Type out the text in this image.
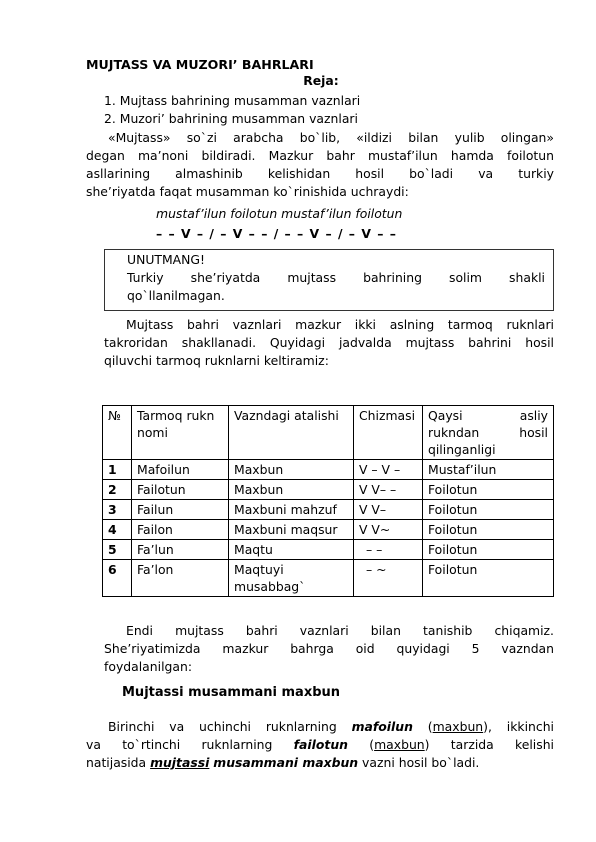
MUJTASS VA MUZORI’ BAHRLARI
Reja:
1. Mujtass bahrining musamman vaznlari
2. Muzori’ bahrining musamman vaznlari
«Mujtass» so`zi arabcha bo`lib, «ildizi bilan yulib olingan»
degan ma’noni bildiradi. Mazkur bahr mustaf’ilun hamda foilotun
asllarining almashinib kelishidan hosil bo`ladi va turkiy
she’riyatda faqat musamman ko`rinishida uchraydi:
mustaf’ilun foilotun mustaf’ilun foilotun
– – V – / – V – – / – – V – / – V – –
UNUTMANG!
Turkiy she’riyatda mujtass bahrining solim shakli
qo`llanilmagan.
Mujtass bahri vaznlari mazkur ikki aslning tarmoq ruknlari
takroridan shakllanadi. Quyidagi jadvalda mujtass bahrini hosil
qiluvchi tarmoq ruknlarni keltiramiz:
№	Tarmoq rukn nomi	Vazndagi atalishi	Chizmasi	Qaysi asliy rukndan hosil qilinganligi
1	Mafoilun	Maxbun	V – V –	Mustaf’ilun
2	Failotun	Maxbun	V V– –	Foilotun
3	Failun	Maxbuni mahzuf	V V–	Foilotun
4	Failon	Maxbuni maqsur	V V~	Foilotun
5	Fa’lun	Maqtu	– –	Foilotun
6	Fa’lon	Maqtuyi musabbag`	– ~	Foilotun
Endi mujtass bahri vaznlari bilan tanishib chiqamiz.
She’riyatimizda mazkur bahrga oid quyidagi 5 vazndan
foydalanilgan:
Mujtassi musammani maxbun
Birinchi va uchinchi ruknlarning mafoilun (maxbun), ikkinchi
va to`rtinchi ruknlarning failotun (maxbun) tarzida kelishi
natijasida mujtassi musammani maxbun vazni hosil bo`ladi.
